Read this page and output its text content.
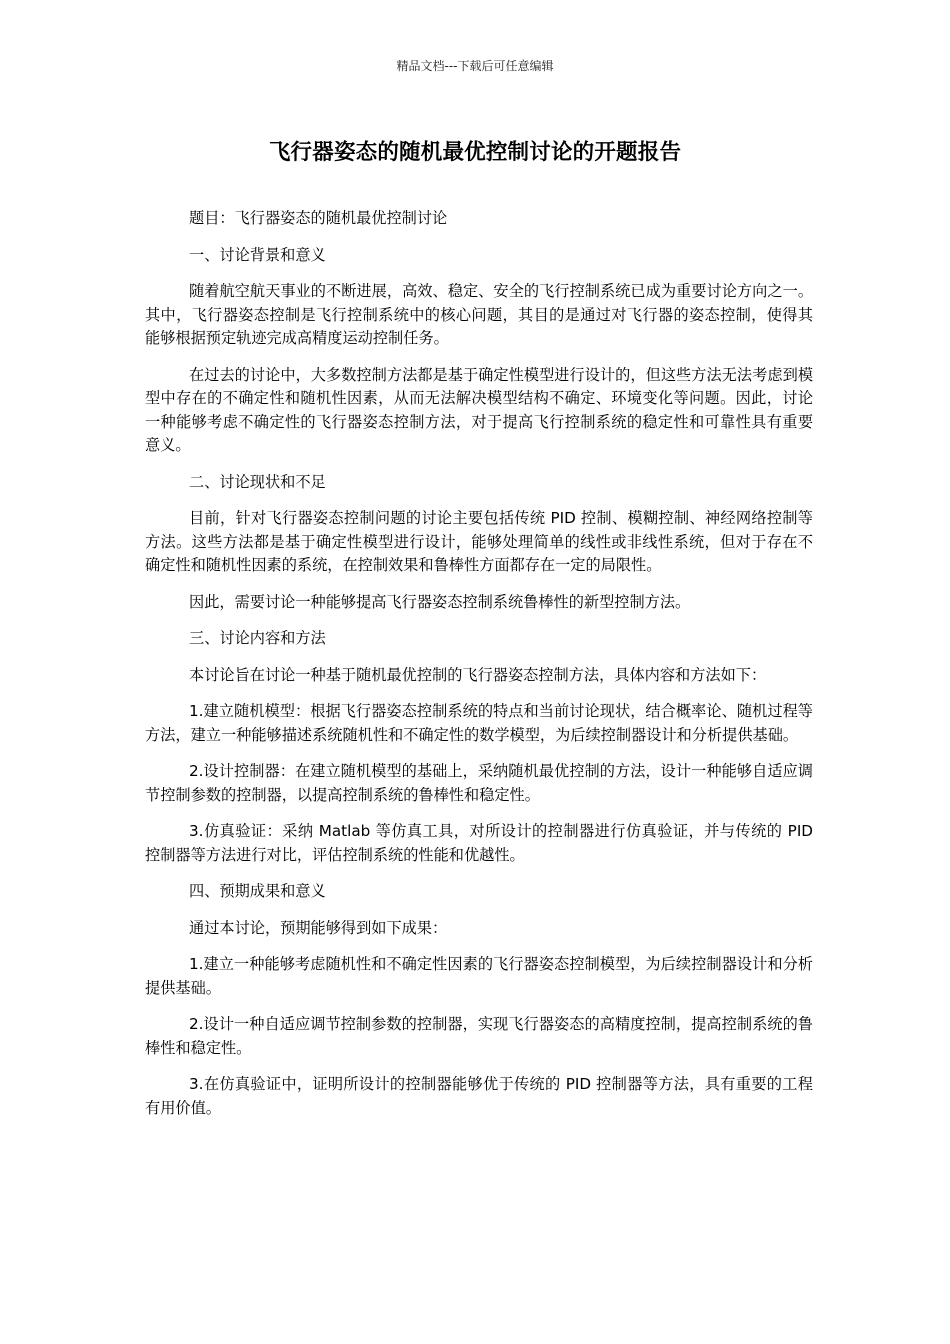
精品文档---下载后可任意编辑
飞行器姿态的随机最优控制讨论的开题报告

题目：飞行器姿态的随机最优控制讨论

一、讨论背景和意义

随着航空航天事业的不断进展，高效、稳定、安全的飞行控制系统已成为重要讨论方向之一。其中，飞行器姿态控制是飞行控制系统中的核心问题，其目的是通过对飞行器的姿态控制，使得其能够根据预定轨迹完成高精度运动控制任务。

在过去的讨论中，大多数控制方法都是基于确定性模型进行设计的，但这些方法无法考虑到模型中存在的不确定性和随机性因素，从而无法解决模型结构不确定、环境变化等问题。因此，讨论一种能够考虑不确定性的飞行器姿态控制方法，对于提高飞行控制系统的稳定性和可靠性具有重要意义。

二、讨论现状和不足

目前，针对飞行器姿态控制问题的讨论主要包括传统 PID 控制、模糊控制、神经网络控制等方法。这些方法都是基于确定性模型进行设计，能够处理简单的线性或非线性系统，但对于存在不确定性和随机性因素的系统，在控制效果和鲁棒性方面都存在一定的局限性。

因此，需要讨论一种能够提高飞行器姿态控制系统鲁棒性的新型控制方法。

三、讨论内容和方法

本讨论旨在讨论一种基于随机最优控制的飞行器姿态控制方法，具体内容和方法如下：

1.建立随机模型：根据飞行器姿态控制系统的特点和当前讨论现状，结合概率论、随机过程等方法，建立一种能够描述系统随机性和不确定性的数学模型，为后续控制器设计和分析提供基础。

2.设计控制器：在建立随机模型的基础上，采纳随机最优控制的方法，设计一种能够自适应调节控制参数的控制器，以提高控制系统的鲁棒性和稳定性。

3.仿真验证：采纳 Matlab 等仿真工具，对所设计的控制器进行仿真验证，并与传统的 PID 控制器等方法进行对比，评估控制系统的性能和优越性。

四、预期成果和意义

通过本讨论，预期能够得到如下成果：

1.建立一种能够考虑随机性和不确定性因素的飞行器姿态控制模型，为后续控制器设计和分析提供基础。

2.设计一种自适应调节控制参数的控制器，实现飞行器姿态的高精度控制，提高控制系统的鲁棒性和稳定性。

3.在仿真验证中，证明所设计的控制器能够优于传统的 PID 控制器等方法，具有重要的工程有用价值。
